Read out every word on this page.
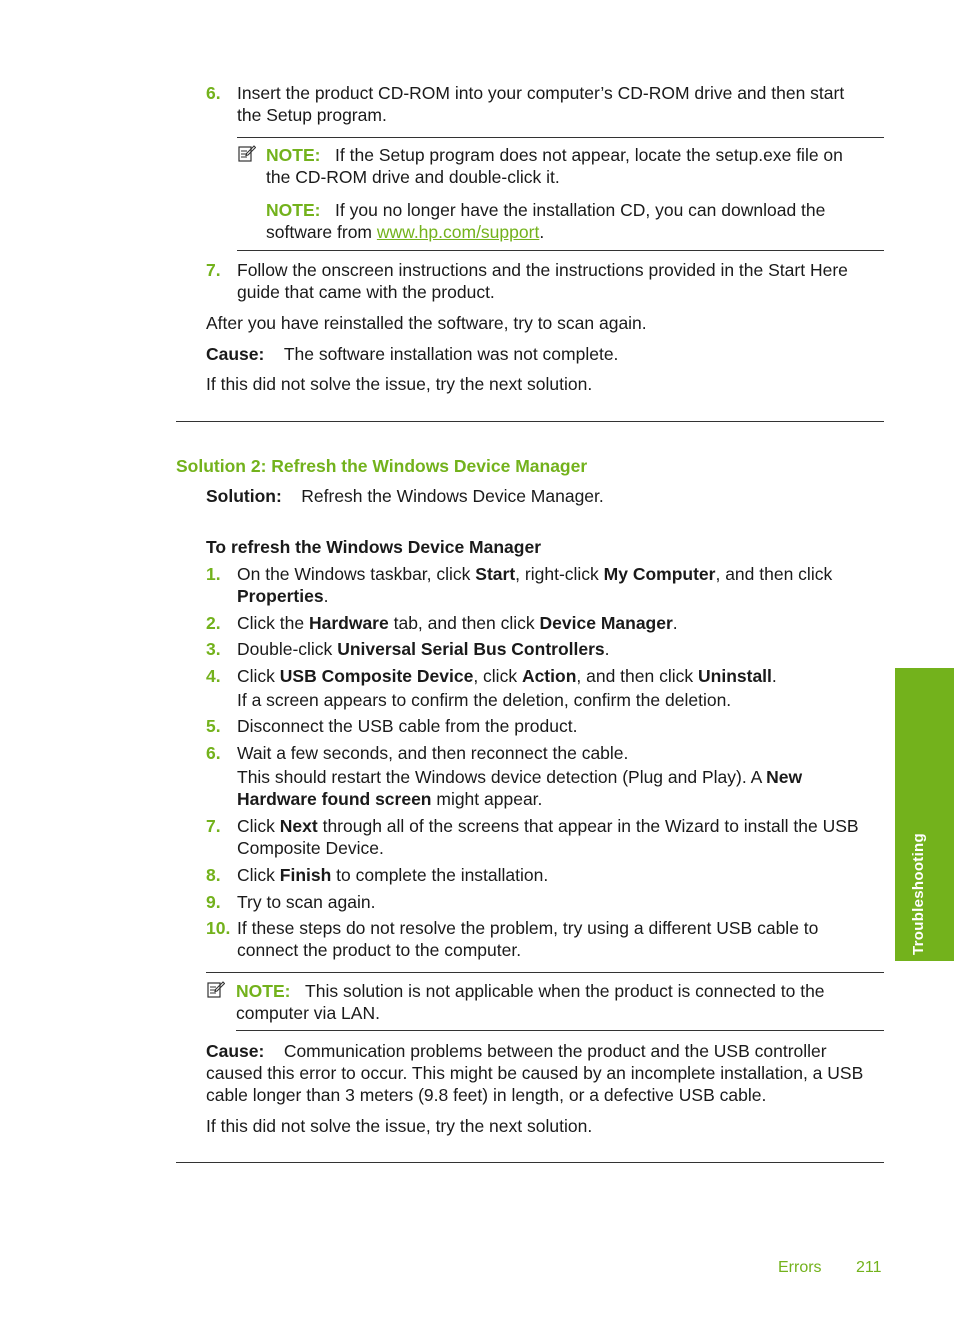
6. Insert the product CD-ROM into your computer’s CD-ROM drive and then start
the Setup program.
NOTE: If the Setup program does not appear, locate the setup.exe file on
the CD-ROM drive and double-click it.
NOTE: If you no longer have the installation CD, you can download the
software from www.hp.com/support.
7. Follow the onscreen instructions and the instructions provided in the Start Here
guide that came with the product.
After you have reinstalled the software, try to scan again.
Cause: The software installation was not complete.
If this did not solve the issue, try the next solution.
Solution 2: Refresh the Windows Device Manager
Solution: Refresh the Windows Device Manager.
To refresh the Windows Device Manager
1. On the Windows taskbar, click Start, right-click My Computer, and then click
Properties.
2. Click the Hardware tab, and then click Device Manager.
3. Double-click Universal Serial Bus Controllers.
4. Click USB Composite Device, click Action, and then click Uninstall.
If a screen appears to confirm the deletion, confirm the deletion.
5. Disconnect the USB cable from the product.
6. Wait a few seconds, and then reconnect the cable.
This should restart the Windows device detection (Plug and Play). A New
Hardware found screen might appear.
7. Click Next through all of the screens that appear in the Wizard to install the USB
Composite Device.
8. Click Finish to complete the installation.
9. Try to scan again.
10. If these steps do not resolve the problem, try using a different USB cable to
connect the product to the computer.
NOTE: This solution is not applicable when the product is connected to the
computer via LAN.
Cause: Communication problems between the product and the USB controller
caused this error to occur. This might be caused by an incomplete installation, a USB
cable longer than 3 meters (9.8 feet) in length, or a defective USB cable.
If this did not solve the issue, try the next solution.
Troubleshooting
Errors 211
